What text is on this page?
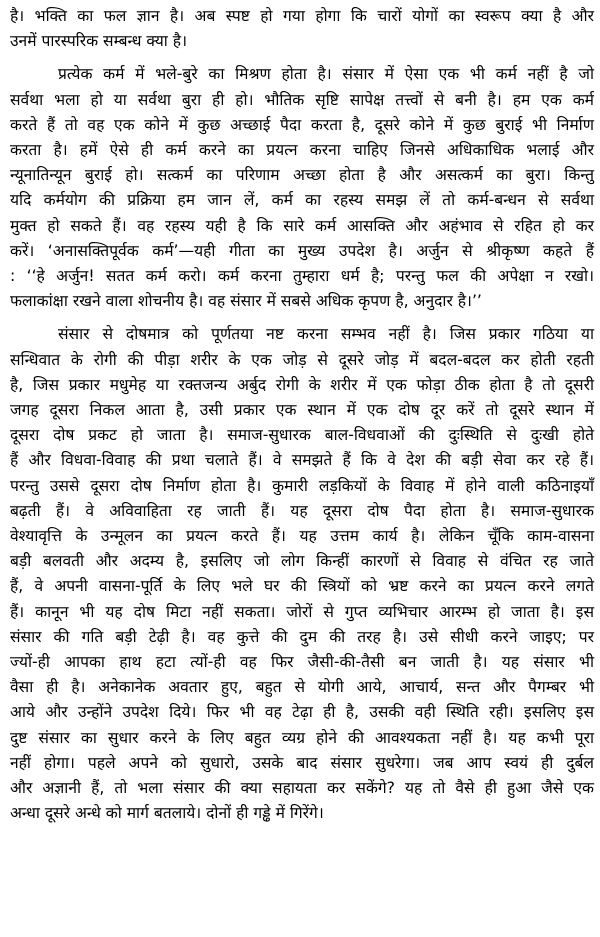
है। भक्ति का फल ज्ञान है। अब स्पष्ट हो गया होगा कि चारों योगों का स्वरूप क्या है और
उनमें पारस्परिक सम्बन्ध क्या है।
प्रत्येक कर्म में भले-बुरे का मिश्रण होता है। संसार में ऐसा एक भी कर्म नहीं है जो
सर्वथा भला हो या सर्वथा बुरा ही हो। भौतिक सृष्टि सापेक्ष तत्त्वों से बनी है। हम एक कर्म
करते हैं तो वह एक कोने में कुछ अच्छाई पैदा करता है, दूसरे कोने में कुछ बुराई भी निर्माण
करता है। हमें ऐसे ही कर्म करने का प्रयत्न करना चाहिए जिनसे अधिकाधिक भलाई और
न्यूनातिन्यून बुराई हो। सत्कर्म का परिणाम अच्छा होता है और असत्कर्म का बुरा। किन्तु
यदि कर्मयोग की प्रक्रिया हम जान लें, कर्म का रहस्य समझ लें तो कर्म-बन्धन से सर्वथा
मुक्त हो सकते हैं। वह रहस्य यही है कि सारे कर्म आसक्ति और अहंभाव से रहित हो कर
करें। ‘अनासक्तिपूर्वक कर्म’—यही गीता का मुख्य उपदेश है। अर्जुन से श्रीकृष्ण कहते हैं
: ‘‘हे अर्जुन! सतत कर्म करो। कर्म करना तुम्हारा धर्म है; परन्तु फल की अपेक्षा न रखो।
फलाकांक्षा रखने वाला शोचनीय है। वह संसार में सबसे अधिक कृपण है, अनुदार है।’’
संसार से दोषमात्र को पूर्णतया नष्ट करना सम्भव नहीं है। जिस प्रकार गठिया या
सन्धिवात के रोगी की पीड़ा शरीर के एक जोड़ से दूसरे जोड़ में बदल-बदल कर होती रहती
है, जिस प्रकार मधुमेह या रक्तजन्य अर्बुद रोगी के शरीर में एक फोड़ा ठीक होता है तो दूसरी
जगह दूसरा निकल आता है, उसी प्रकार एक स्थान में एक दोष दूर करें तो दूसरे स्थान में
दूसरा दोष प्रकट हो जाता है। समाज-सुधारक बाल-विधवाओं की दुःस्थिति से दुःखी होते
हैं और विधवा-विवाह की प्रथा चलाते हैं। वे समझते हैं कि वे देश की बड़ी सेवा कर रहे हैं।
परन्तु उससे दूसरा दोष निर्माण होता है। कुमारी लड़कियों के विवाह में होने वाली कठिनाइयाँ
बढ़ती हैं। वे अविवाहिता रह जाती हैं। यह दूसरा दोष पैदा होता है। समाज-सुधारक
वेश्यावृत्ति के उन्मूलन का प्रयत्न करते हैं। यह उत्तम कार्य है। लेकिन चूँकि काम-वासना
बड़ी बलवती और अदम्य है, इसलिए जो लोग किन्हीं कारणों से विवाह से वंचित रह जाते
हैं, वे अपनी वासना-पूर्ति के लिए भले घर की स्त्रियों को भ्रष्ट करने का प्रयत्न करने लगते
हैं। कानून भी यह दोष मिटा नहीं सकता। जोरों से गुप्त व्यभिचार आरम्भ हो जाता है। इस
संसार की गति बड़ी टेढ़ी है। वह कुत्ते की दुम की तरह है। उसे सीधी करने जाइए; पर
ज्यों-ही आपका हाथ हटा त्यों-ही वह फिर जैसी-की-तैसी बन जाती है। यह संसार भी
वैसा ही है। अनेकानेक अवतार हुए, बहुत से योगी आये, आचार्य, सन्त और पैगम्बर भी
आये और उन्होंने उपदेश दिये। फिर भी वह टेढ़ा ही है, उसकी वही स्थिति रही। इसलिए इस
दुष्ट संसार का सुधार करने के लिए बहुत व्यग्र होने की आवश्यकता नहीं है। यह कभी पूरा
नहीं होगा। पहले अपने को सुधारो, उसके बाद संसार सुधरेगा। जब आप स्वयं ही दुर्बल
और अज्ञानी हैं, तो भला संसार की क्या सहायता कर सकेंगे? यह तो वैसे ही हुआ जैसे एक
अन्धा दूसरे अन्धे को मार्ग बतलाये। दोनों ही गड्ढे में गिरेंगे।
